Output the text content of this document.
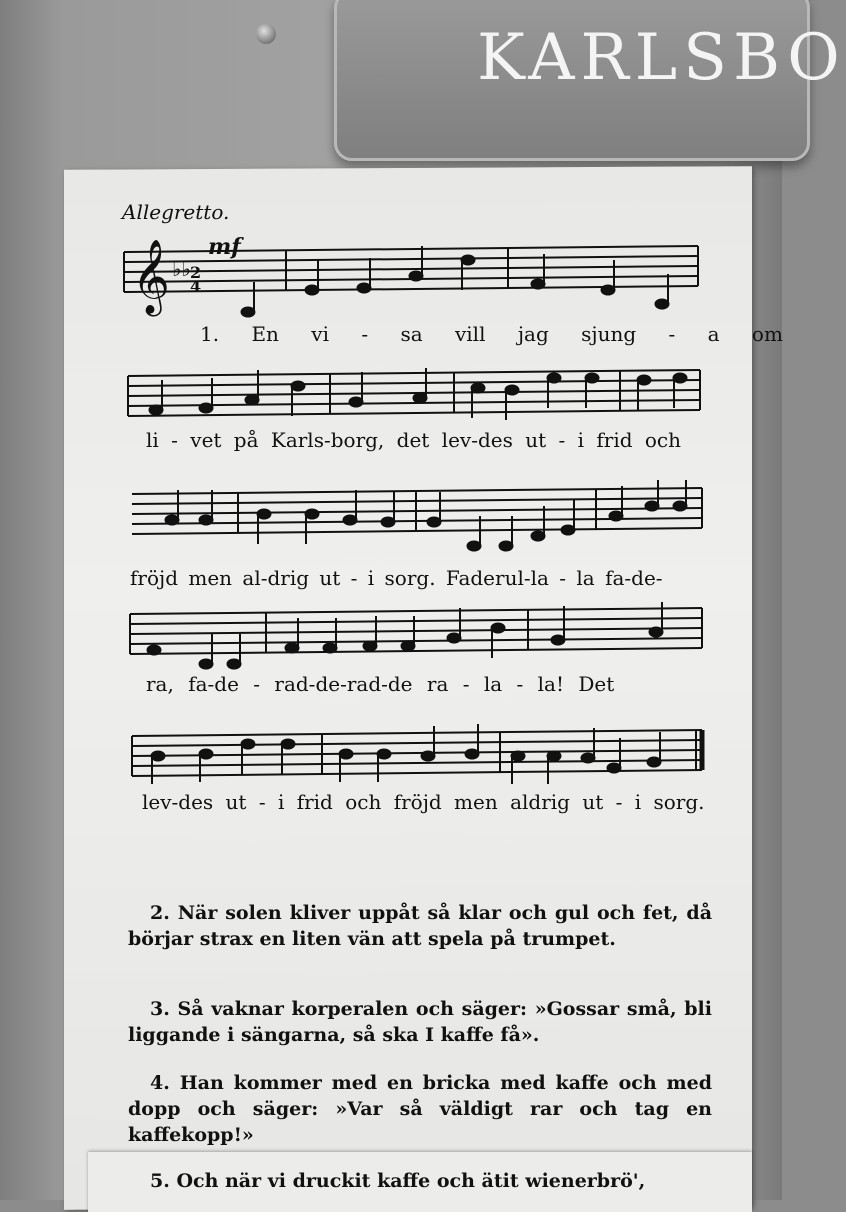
KARLSBO
Allegretto.
𝄞 ♭♭ 2
4
mf
1. En vi - sa vill jag sjung - a om
li - vet på Karls-borg, det lev-des ut - i frid och
fröjd men al-drig ut - i sorg. Faderul-la - la fa-de-
ra, fa-de - rad-de-rad-de ra - la - la! Det
lev-des ut - i frid och fröjd men aldrig ut - i sorg.
2. När solen kliver uppåt så klar och gul och fet, då börjar strax en liten vän att spela på trumpet.
3. Så vaknar korperalen och säger: »Gossar små, bli liggande i sängarna, så ska I kaffe få».
4. Han kommer med en bricka med kaffe och med dopp och säger: »Var så väldigt rar och tag en kaffekopp!»
5. Och när vi druckit kaffe och ätit wienerbrö',
